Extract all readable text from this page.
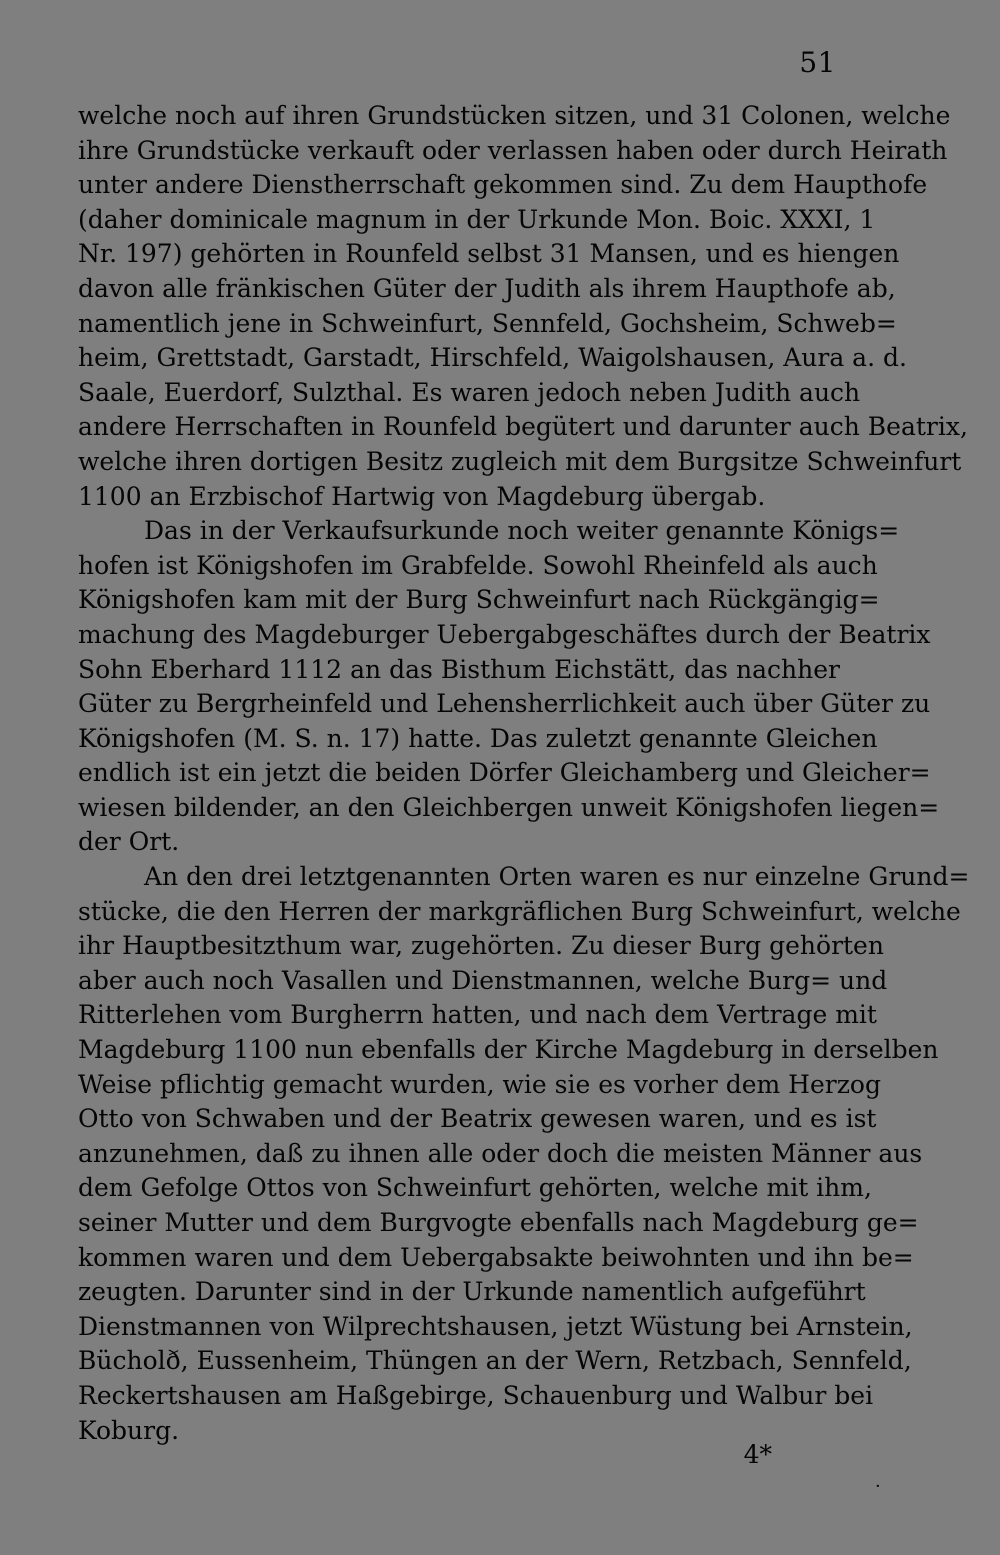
51
welche noch auf ihren Grundstücken sitzen, und 31 Colonen, welche
ihre Grundstücke verkauft oder verlassen haben oder durch Heirath
unter andere Dienstherrschaft gekommen sind. Zu dem Haupthofe
(daher dominicale magnum in der Urkunde Mon. Boic. XXXI, 1
Nr. 197) gehörten in Rounfeld selbst 31 Mansen, und es hiengen
davon alle fränkischen Güter der Judith als ihrem Haupthofe ab,
namentlich jene in Schweinfurt, Sennfeld, Gochsheim, Schweb=
heim, Grettstadt, Garstadt, Hirschfeld, Waigolshausen, Aura a. d.
Saale, Euerdorf, Sulzthal. Es waren jedoch neben Judith auch
andere Herrschaften in Rounfeld begütert und darunter auch Beatrix,
welche ihren dortigen Besitz zugleich mit dem Burgsitze Schweinfurt
1100 an Erzbischof Hartwig von Magdeburg übergab.
Das in der Verkaufsurkunde noch weiter genannte Königs=
hofen ist Königshofen im Grabfelde. Sowohl Rheinfeld als auch
Königshofen kam mit der Burg Schweinfurt nach Rückgängig=
machung des Magdeburger Uebergabgeschäftes durch der Beatrix
Sohn Eberhard 1112 an das Bisthum Eichstätt, das nachher
Güter zu Bergrheinfeld und Lehensherrlichkeit auch über Güter zu
Königshofen (M. S. n. 17) hatte. Das zuletzt genannte Gleichen
endlich ist ein jetzt die beiden Dörfer Gleichamberg und Gleicher=
wiesen bildender, an den Gleichbergen unweit Königshofen liegen=
der Ort.
An den drei letztgenannten Orten waren es nur einzelne Grund=
stücke, die den Herren der markgräflichen Burg Schweinfurt, welche
ihr Hauptbesitzthum war, zugehörten. Zu dieser Burg gehörten
aber auch noch Vasallen und Dienstmannen, welche Burg= und
Ritterlehen vom Burgherrn hatten, und nach dem Vertrage mit
Magdeburg 1100 nun ebenfalls der Kirche Magdeburg in derselben
Weise pflichtig gemacht wurden, wie sie es vorher dem Herzog
Otto von Schwaben und der Beatrix gewesen waren, und es ist
anzunehmen, daß zu ihnen alle oder doch die meisten Männer aus
dem Gefolge Ottos von Schweinfurt gehörten, welche mit ihm,
seiner Mutter und dem Burgvogte ebenfalls nach Magdeburg ge=
kommen waren und dem Uebergabsakte beiwohnten und ihn be=
zeugten. Darunter sind in der Urkunde namentlich aufgeführt
Dienstmannen von Wilprechtshausen, jetzt Wüstung bei Arnstein,
Bücholð, Eussenheim, Thüngen an der Wern, Retzbach, Sennfeld,
Reckertshausen am Haßgebirge, Schauenburg und Walbur bei
Koburg.
4*
·
